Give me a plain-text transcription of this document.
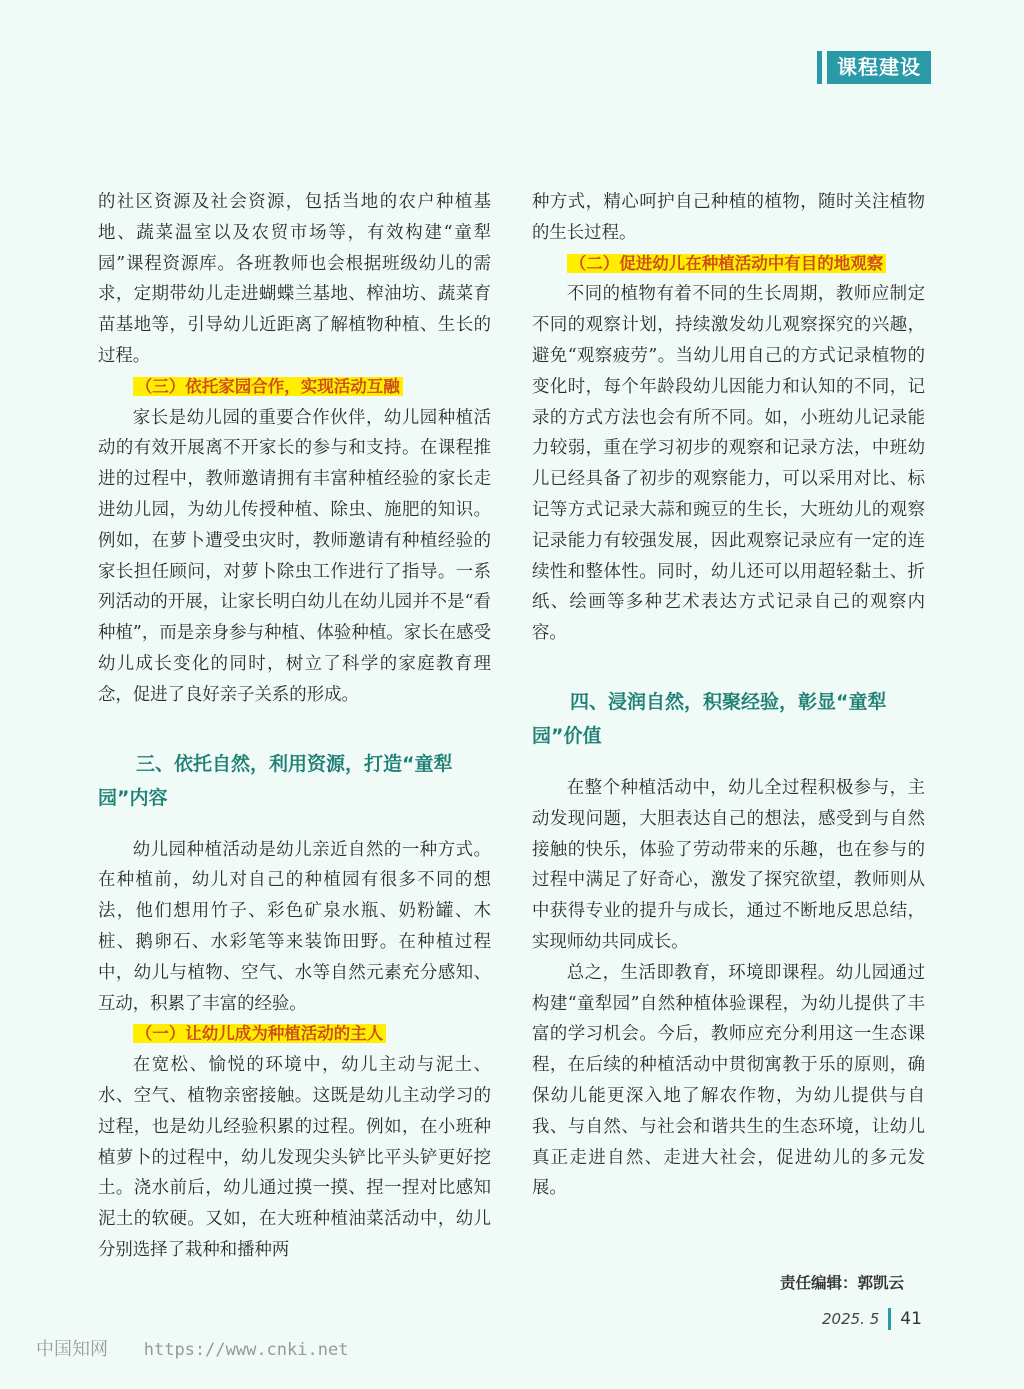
课程建设

的社区资源及社会资源，包括当地的农户种植基地、蔬菜温室以及农贸市场等，有效构建“童犁园”课程资源库。各班教师也会根据班级幼儿的需求，定期带幼儿走进蝴蝶兰基地、榨油坊、蔬菜育苗基地等，引导幼儿近距离了解植物种植、生长的过程。

（三）依托家园合作，实现活动互融

家长是幼儿园的重要合作伙伴，幼儿园种植活动的有效开展离不开家长的参与和支持。在课程推进的过程中，教师邀请拥有丰富种植经验的家长走进幼儿园，为幼儿传授种植、除虫、施肥的知识。例如，在萝卜遭受虫灾时，教师邀请有种植经验的家长担任顾问，对萝卜除虫工作进行了指导。一系列活动的开展，让家长明白幼儿在幼儿园并不是“看种植”，而是亲身参与种植、体验种植。家长在感受幼儿成长变化的同时，树立了科学的家庭教育理念，促进了良好亲子关系的形成。

三、依托自然，利用资源，打造“童犁园”内容

幼儿园种植活动是幼儿亲近自然的一种方式。在种植前，幼儿对自己的种植园有很多不同的想法，他们想用竹子、彩色矿泉水瓶、奶粉罐、木桩、鹅卵石、水彩笔等来装饰田野。在种植过程中，幼儿与植物、空气、水等自然元素充分感知、互动，积累了丰富的经验。

（一）让幼儿成为种植活动的主人

在宽松、愉悦的环境中，幼儿主动与泥土、水、空气、植物亲密接触。这既是幼儿主动学习的过程，也是幼儿经验积累的过程。例如，在小班种植萝卜的过程中，幼儿发现尖头铲比平头铲更好挖土。浇水前后，幼儿通过摸一摸、捏一捏对比感知泥土的软硬。又如，在大班种植油菜活动中，幼儿分别选择了栽种和播种两

种方式，精心呵护自己种植的植物，随时关注植物的生长过程。

（二）促进幼儿在种植活动中有目的地观察

不同的植物有着不同的生长周期，教师应制定不同的观察计划，持续激发幼儿观察探究的兴趣，避免“观察疲劳”。当幼儿用自己的方式记录植物的变化时，每个年龄段幼儿因能力和认知的不同，记录的方式方法也会有所不同。如，小班幼儿记录能力较弱，重在学习初步的观察和记录方法，中班幼儿已经具备了初步的观察能力，可以采用对比、标记等方式记录大蒜和豌豆的生长，大班幼儿的观察记录能力有较强发展，因此观察记录应有一定的连续性和整体性。同时，幼儿还可以用超轻黏土、折纸、绘画等多种艺术表达方式记录自己的观察内容。

四、浸润自然，积聚经验，彰显“童犁园”价值

在整个种植活动中，幼儿全过程积极参与，主动发现问题，大胆表达自己的想法，感受到与自然接触的快乐，体验了劳动带来的乐趣，也在参与的过程中满足了好奇心，激发了探究欲望，教师则从中获得专业的提升与成长，通过不断地反思总结，实现师幼共同成长。

总之，生活即教育，环境即课程。幼儿园通过构建“童犁园”自然种植体验课程，为幼儿提供了丰富的学习机会。今后，教师应充分利用这一生态课程，在后续的种植活动中贯彻寓教于乐的原则，确保幼儿能更深入地了解农作物，为幼儿提供与自我、与自然、与社会和谐共生的生态环境，让幼儿真正走进自然、走进大社会，促进幼儿的多元发展。

责任编辑：郭凯云
2025. 5 41
中国知网 https://www.cnki.net
